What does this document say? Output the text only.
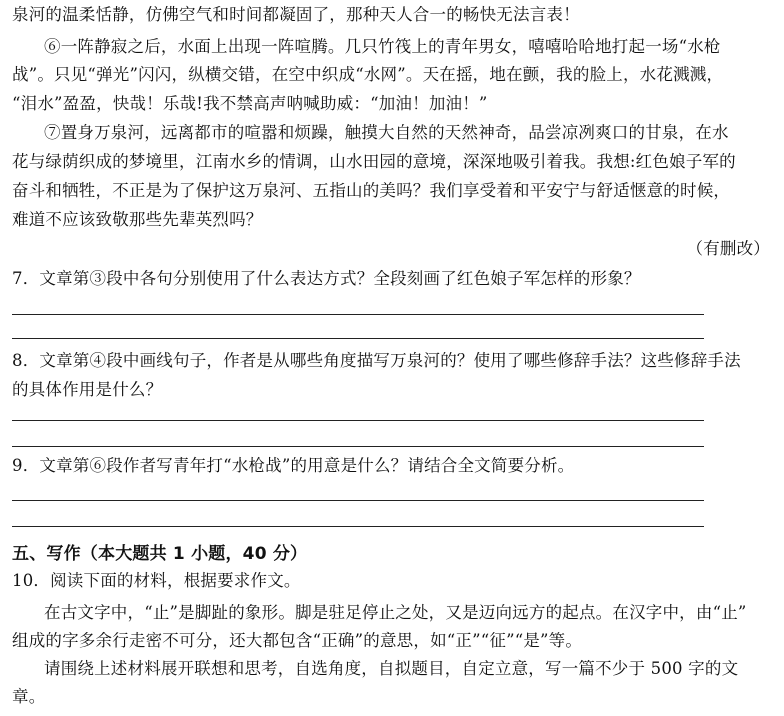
泉河的温柔恬静，仿佛空气和时间都凝固了，那种天人合一的畅快无法言表！
⑥一阵静寂之后，水面上出现一阵喧腾。几只竹筏上的青年男女，嘻嘻哈哈地打起一场“水枪
战”。只见“弹光”闪闪，纵横交错，在空中织成“水网”。天在摇，地在颤，我的脸上，水花溅溅，
“泪水”盈盈，快哉！乐哉!我不禁高声呐喊助威：“加油！加油！”
⑦置身万泉河，远离都市的喧嚣和烦躁，触摸大自然的天然神奇，品尝凉冽爽口的甘泉，在水
花与绿荫织成的梦境里，江南水乡的情调，山水田园的意境，深深地吸引着我。我想:红色娘子军的
奋斗和牺牲，不正是为了保护这万泉河、五指山的美吗？我们享受着和平安宁与舒适惬意的时候，
难道不应该致敬那些先辈英烈吗？
（有删改）
7．文章第③段中各句分别使用了什么表达方式？全段刻画了红色娘子军怎样的形象？
8．文章第④段中画线句子，作者是从哪些角度描写万泉河的？使用了哪些修辞手法？这些修辞手法
的具体作用是什么？
9．文章第⑥段作者写青年打“水枪战”的用意是什么？请结合全文简要分析。
五、写作（本大题共 1 小题，40 分）
10．阅读下面的材料，根据要求作文。
在古文字中，“止”是脚趾的象形。脚是驻足停止之处，又是迈向远方的起点。在汉字中，由“止”
组成的字多余行走密不可分，还大都包含“正确”的意思，如“正”“征”“是”等。
请围绕上述材料展开联想和思考，自选角度，自拟题目，自定立意，写一篇不少于 500 字的文
章。
